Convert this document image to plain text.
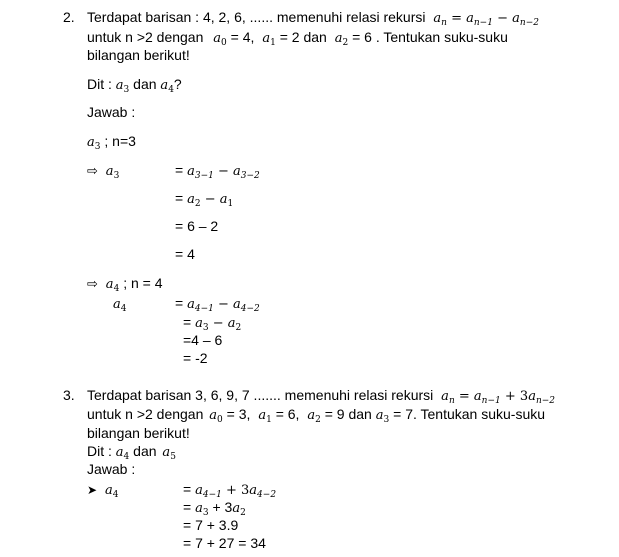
2. Terdapat barisan : 4, 2, 6, ...... memenuhi relasi rekursi $a_n = a_{n-1} - a_{n-2}$
untuk n >2 dengan $a_0 = 4$, $a_1 = 2$ dan $a_2 = 6$ . Tentukan suku-suku
bilangan berikut!
Dit : $a_3$ dan $a_4$?
Jawab :
$a_3$ ; n=3
⇨ $a_3$	= $a_{3-1} - a_{3-2}$
= $a_2 - a_1$
= 6 – 2
= 4
⇨ $a_4$ ; n = 4
$a_4$	= $a_{4-1} - a_{4-2}$
= $a_3 - a_2$
=4 – 6
= -2
3. Terdapat barisan 3, 6, 9, 7 ....... memenuhi relasi rekursi $a_n = a_{n-1} + 3a_{n-2}$
untuk n >2 dengan $a_0 = 3$, $a_1 = 6$, $a_2 = 9$ dan $a_3 = 7$. Tentukan suku-suku
bilangan berikut!
Dit : $a_4$ dan $a_5$
Jawab :
➤ $a_4$	= $a_{4-1} + 3a_{4-2}$
= $a_3 + 3a_2$
= 7 + 3.9
= 7 + 27 = 34
